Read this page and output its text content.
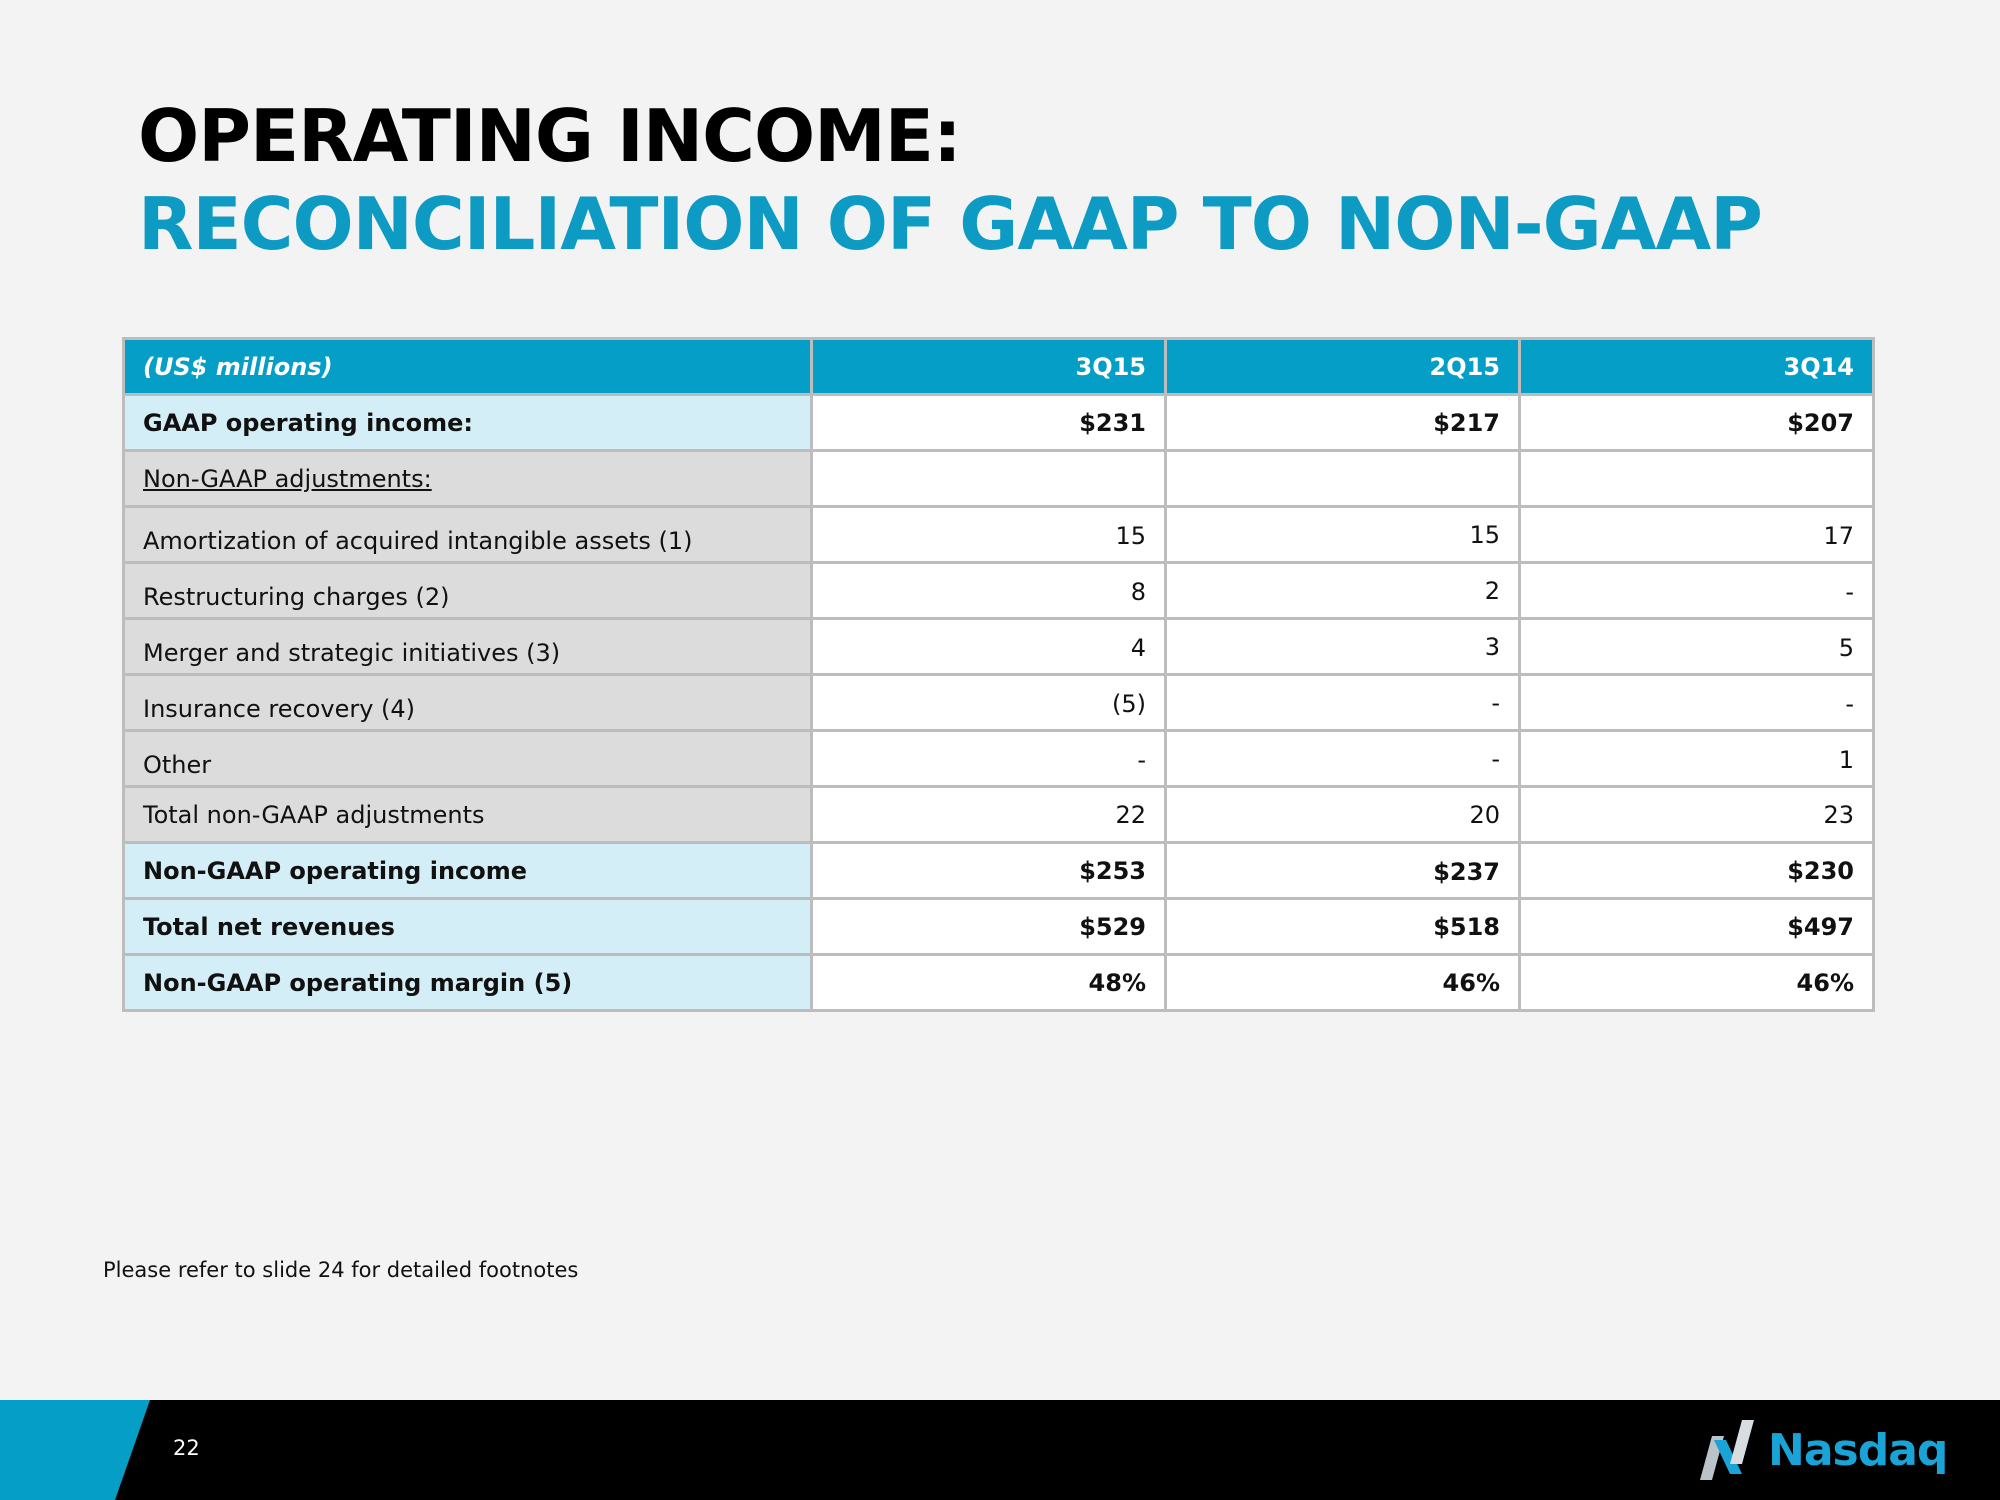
OPERATING INCOME:
RECONCILIATION OF GAAP TO NON-GAAP
(US$ millions)	3Q15	2Q15	3Q14
GAAP operating income:	$231	$217	$207
Non-GAAP adjustments:			
Amortization of acquired intangible assets (1)	15	15	17
Restructuring charges (2)	8	2	-
Merger and strategic initiatives (3)	4	3	5
Insurance recovery (4)	(5)	-	-
Other	-	-	1
Total non-GAAP adjustments	22	20	23
Non-GAAP operating income	$253	$237	$230
Total net revenues	$529	$518	$497
Non-GAAP operating margin (5)	48%	46%	46%
Please refer to slide 24 for detailed footnotes
22	Nasdaq
